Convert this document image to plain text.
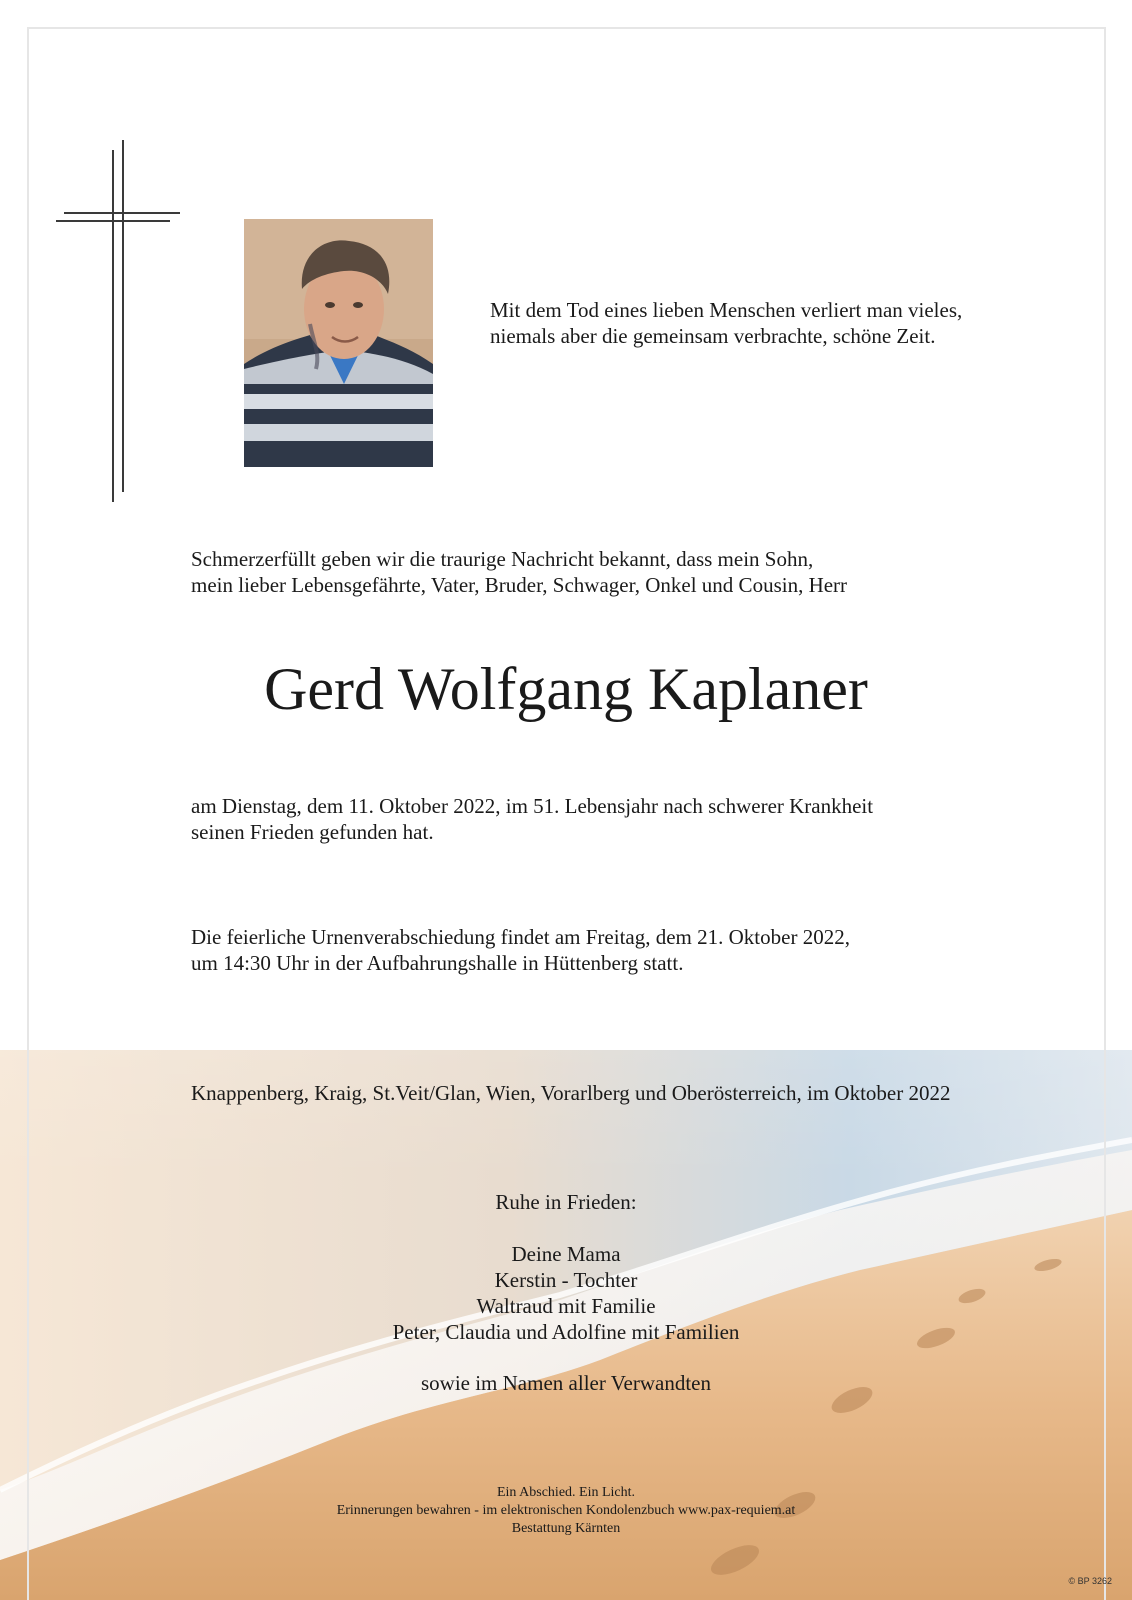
Mit dem Tod eines lieben Menschen verliert man vieles,
niemals aber die gemeinsam verbrachte, schöne Zeit.

Schmerzerfüllt geben wir die traurige Nachricht bekannt, dass mein Sohn,
mein lieber Lebensgefährte, Vater, Bruder, Schwager, Onkel und Cousin, Herr

Gerd Wolfgang Kaplaner

am Dienstag, dem 11. Oktober 2022, im 51. Lebensjahr nach schwerer Krankheit
seinen Frieden gefunden hat.

Die feierliche Urnenverabschiedung findet am Freitag, dem 21. Oktober 2022,
um 14:30 Uhr in der Aufbahrungshalle in Hüttenberg statt.

Knappenberg, Kraig, St.Veit/Glan, Wien, Vorarlberg und Oberösterreich, im Oktober 2022

Ruhe in Frieden:

Deine Mama
Kerstin - Tochter
Waltraud mit Familie
Peter, Claudia und Adolfine mit Familien

sowie im Namen aller Verwandten

Ein Abschied. Ein Licht.
Erinnerungen bewahren - im elektronischen Kondolenzbuch www.pax-requiem.at
Bestattung Kärnten
© BP 3262
